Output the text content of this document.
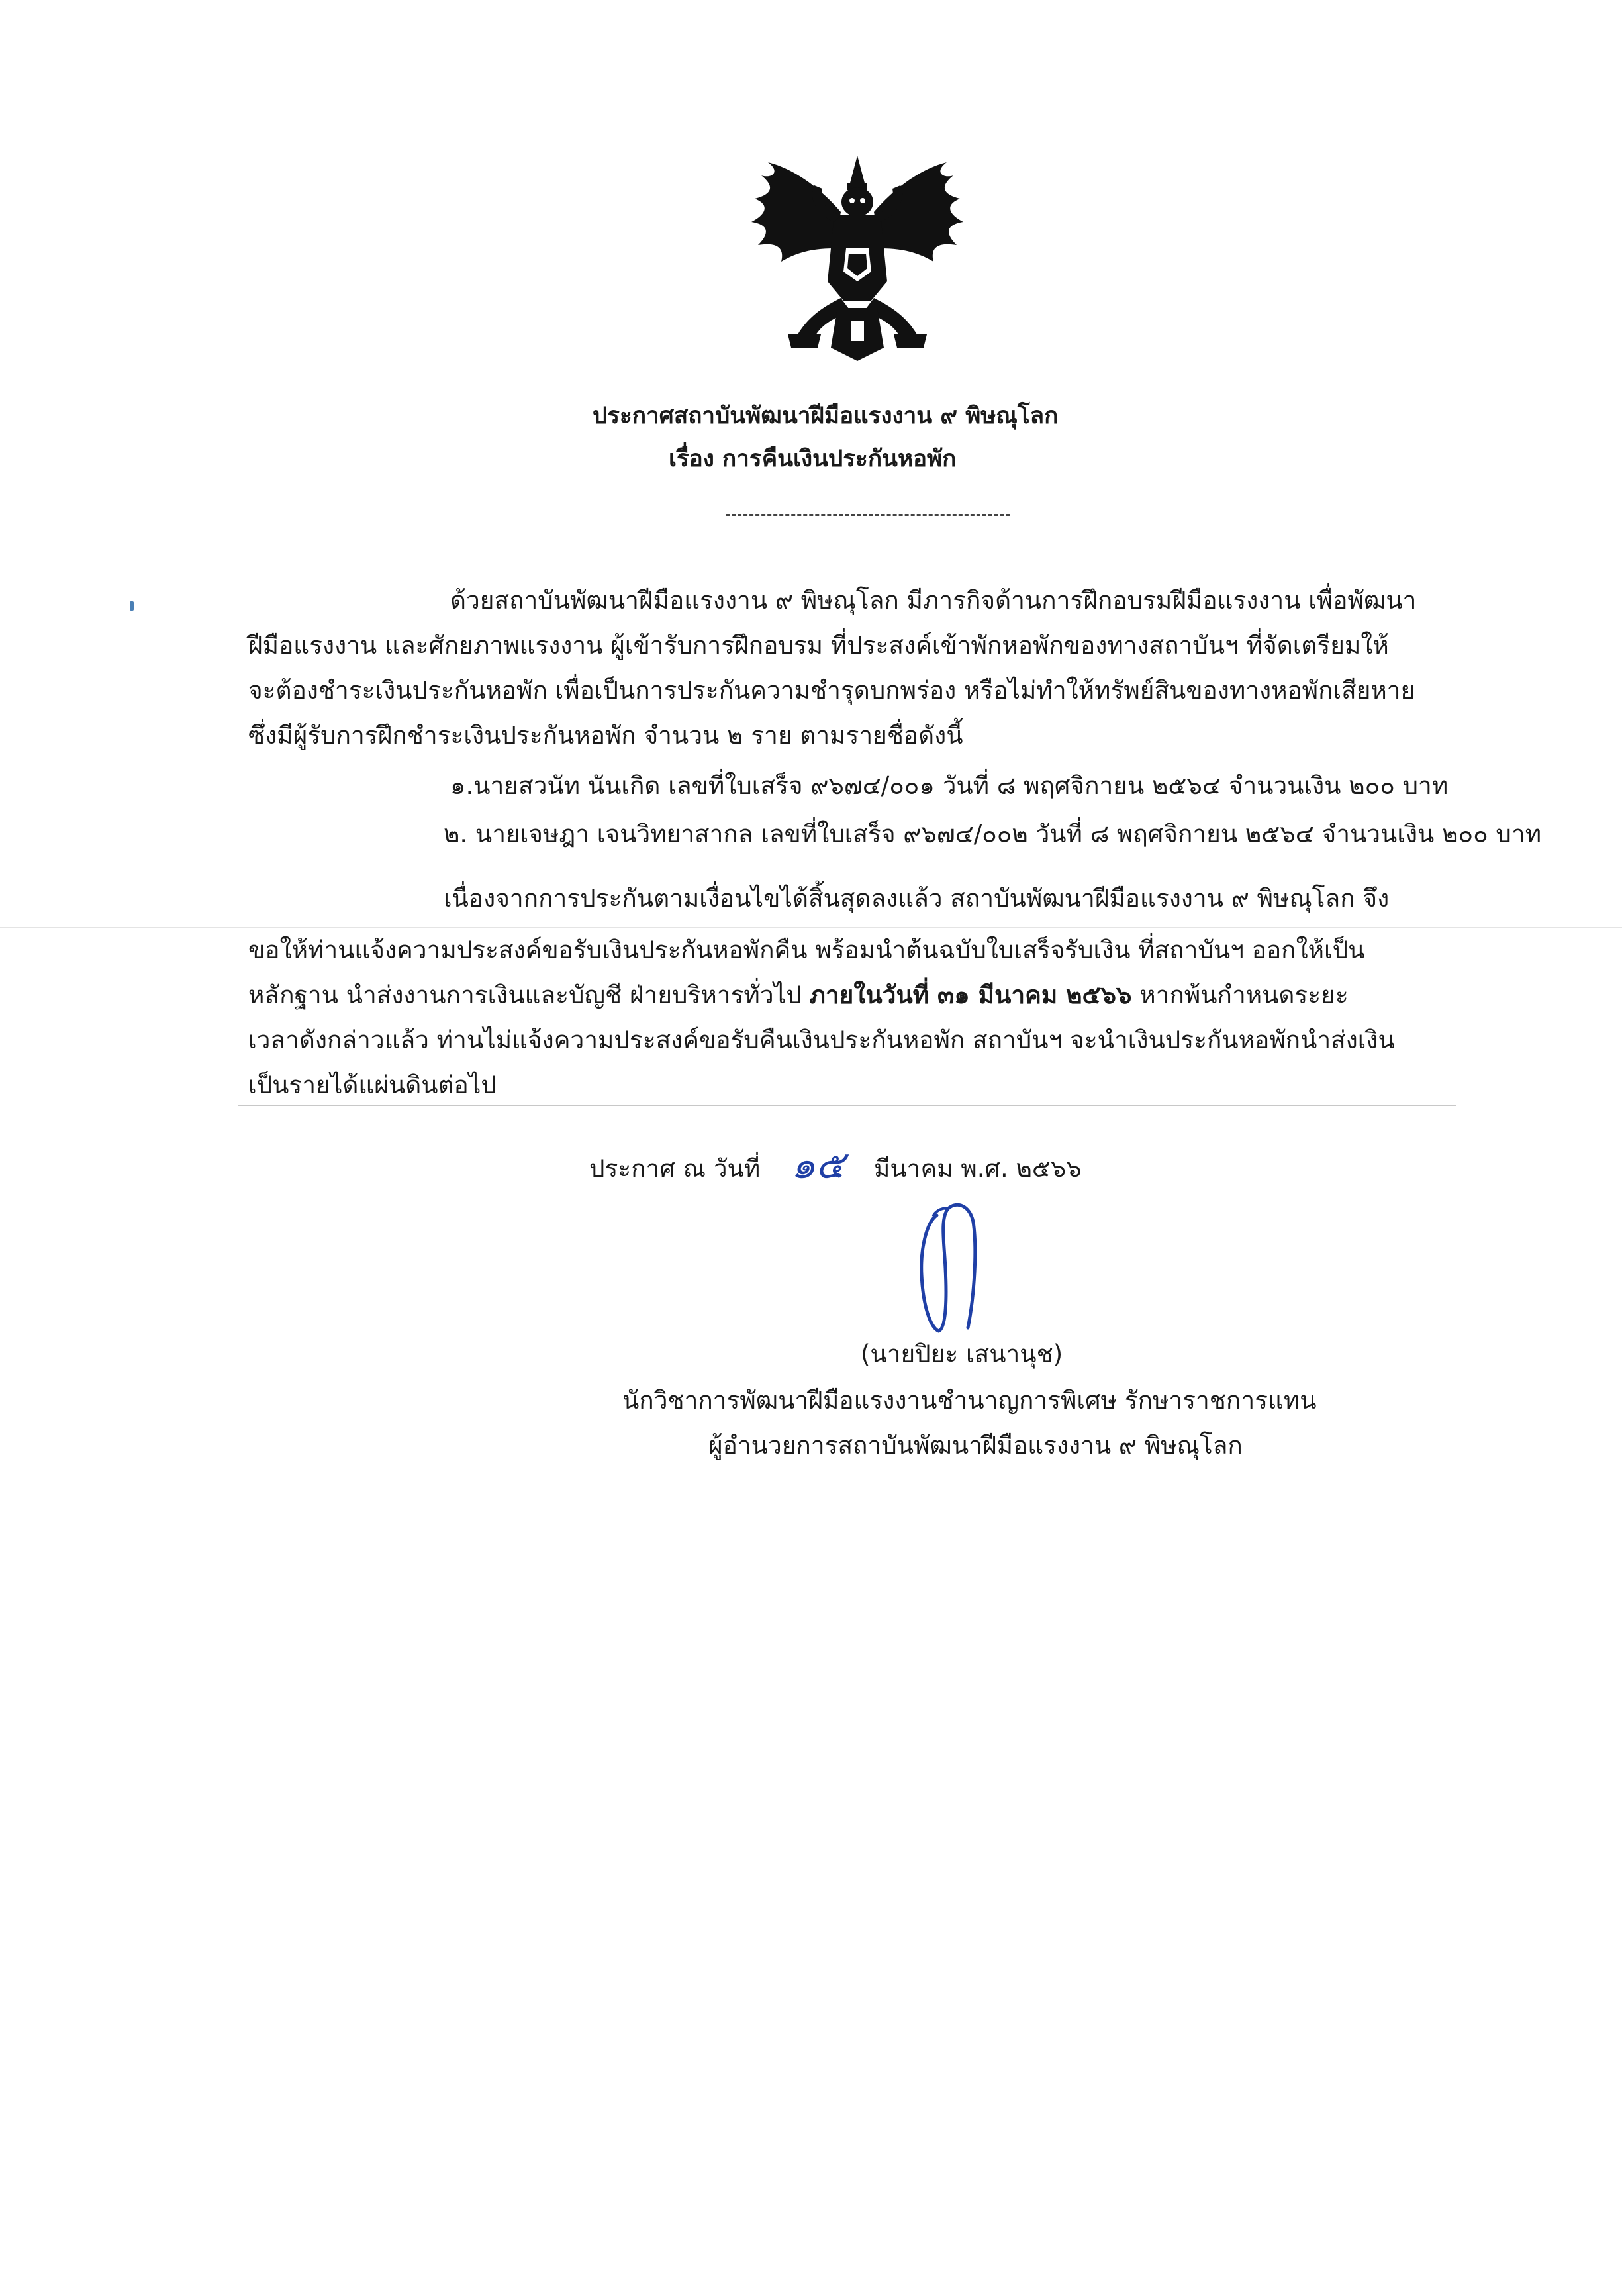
ประกาศสถาบันพัฒนาฝีมือแรงงาน ๙ พิษณุโลก
เรื่อง การคืนเงินประกันหอพัก
ด้วยสถาบันพัฒนาฝีมือแรงงาน ๙ พิษณุโลก มีภารกิจด้านการฝึกอบรมฝีมือแรงงาน เพื่อพัฒนา
ฝีมือแรงงาน และศักยภาพแรงงาน ผู้เข้ารับการฝึกอบรม ที่ประสงค์เข้าพักหอพักของทางสถาบันฯ ที่จัดเตรียมให้
จะต้องชำระเงินประกันหอพัก เพื่อเป็นการประกันความชำรุดบกพร่อง หรือไม่ทำให้ทรัพย์สินของทางหอพักเสียหาย
ซึ่งมีผู้รับการฝึกชำระเงินประกันหอพัก จำนวน ๒ ราย ตามรายชื่อดังนี้
๑.นายสวนัท นันเกิด เลขที่ใบเสร็จ ๙๖๗๔/๐๐๑ วันที่ ๘ พฤศจิกายน ๒๕๖๔ จำนวนเงิน ๒๐๐ บาท
๒. นายเจษฎา เจนวิทยาสากล เลขที่ใบเสร็จ ๙๖๗๔/๐๐๒ วันที่ ๘ พฤศจิกายน ๒๕๖๔ จำนวนเงิน ๒๐๐ บาท
เนื่องจากการประกันตามเงื่อนไขได้สิ้นสุดลงแล้ว สถาบันพัฒนาฝีมือแรงงาน ๙ พิษณุโลก จึง
ขอให้ท่านแจ้งความประสงค์ขอรับเงินประกันหอพักคืน พร้อมนำต้นฉบับใบเสร็จรับเงิน ที่สถาบันฯ ออกให้เป็น
หลักฐาน นำส่งงานการเงินและบัญชี ฝ่ายบริหารทั่วไป ภายในวันที่ ๓๑ มีนาคม ๒๕๖๖ หากพ้นกำหนดระยะ
เวลาดังกล่าวแล้ว ท่านไม่แจ้งความประสงค์ขอรับคืนเงินประกันหอพัก สถาบันฯ จะนำเงินประกันหอพักนำส่งเงิน
เป็นรายได้แผ่นดินต่อไป
ประกาศ ณ วันที่ ๑๕ มีนาคม พ.ศ. ๒๕๖๖
(นายปิยะ เสนานุช)
นักวิชาการพัฒนาฝีมือแรงงานชำนาญการพิเศษ รักษาราชการแทน
ผู้อำนวยการสถาบันพัฒนาฝีมือแรงงาน ๙ พิษณุโลก
